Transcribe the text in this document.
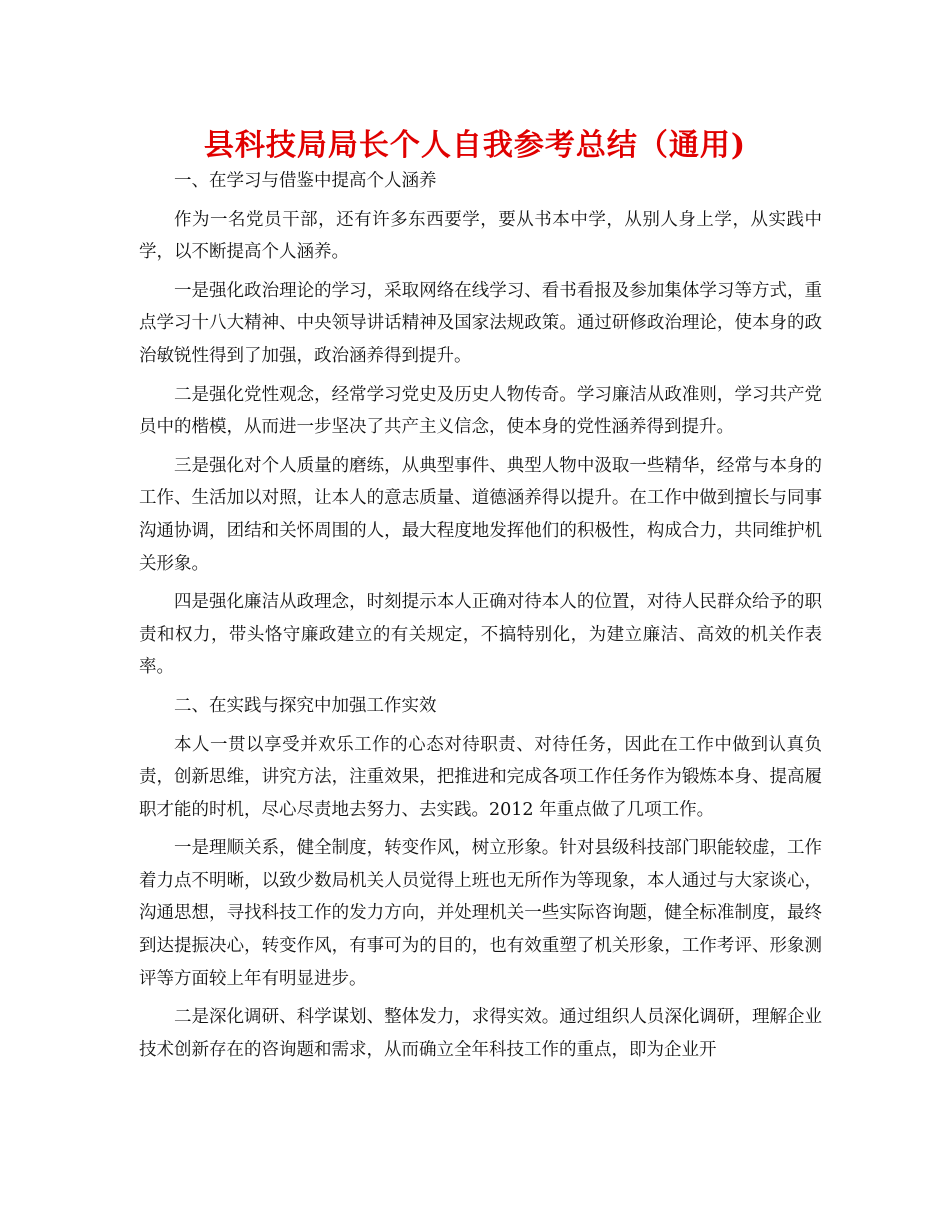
县科技局局长个人自我参考总结（通用)

一、在学习与借鉴中提高个人涵养

作为一名党员干部，还有许多东西要学，要从书本中学，从别人身上学，从实践中学，以不断提高个人涵养。

一是强化政治理论的学习，采取网络在线学习、看书看报及参加集体学习等方式，重点学习十八大精神、中央领导讲话精神及国家法规政策。通过研修政治理论，使本身的政治敏锐性得到了加强，政治涵养得到提升。

二是强化党性观念，经常学习党史及历史人物传奇。学习廉洁从政准则，学习共产党员中的楷模，从而进一步坚决了共产主义信念，使本身的党性涵养得到提升。

三是强化对个人质量的磨练，从典型事件、典型人物中汲取一些精华，经常与本身的工作、生活加以对照，让本人的意志质量、道德涵养得以提升。在工作中做到擅长与同事沟通协调，团结和关怀周围的人，最大程度地发挥他们的积极性，构成合力，共同维护机关形象。

四是强化廉洁从政理念，时刻提示本人正确对待本人的位置，对待人民群众给予的职责和权力，带头恪守廉政建立的有关规定，不搞特别化，为建立廉洁、高效的机关作表率。

二、在实践与探究中加强工作实效

本人一贯以享受并欢乐工作的心态对待职责、对待任务，因此在工作中做到认真负责，创新思维，讲究方法，注重效果，把推进和完成各项工作任务作为锻炼本身、提高履职才能的时机，尽心尽责地去努力、去实践。2012 年重点做了几项工作。

一是理顺关系，健全制度，转变作风，树立形象。针对县级科技部门职能较虚，工作着力点不明晰，以致少数局机关人员觉得上班也无所作为等现象，本人通过与大家谈心，沟通思想，寻找科技工作的发力方向，并处理机关一些实际咨询题，健全标准制度，最终到达提振决心，转变作风，有事可为的目的，也有效重塑了机关形象，工作考评、形象测评等方面较上年有明显进步。

二是深化调研、科学谋划、整体发力，求得实效。通过组织人员深化调研，理解企业技术创新存在的咨询题和需求，从而确立全年科技工作的重点，即为企业开
